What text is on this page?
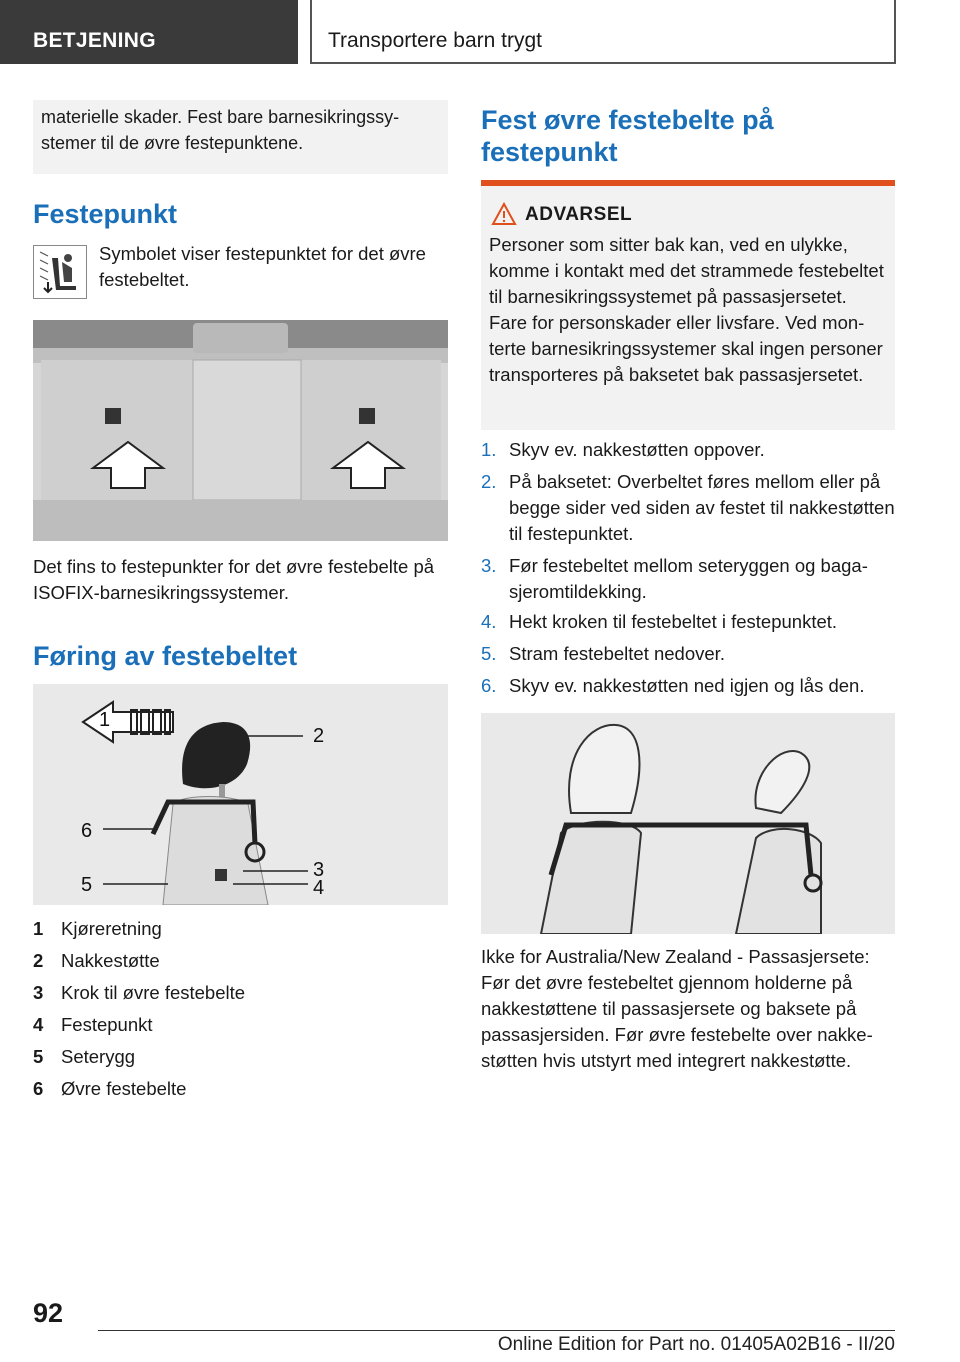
BETJENING	Transportere barn trygt
materielle skader. Fest bare barnesikringssystemer til de øvre festepunktene.
Festepunkt
Symbolet viser festepunktet for det øvre festebeltet.
Det fins to festepunkter for det øvre festebelte på ISOFIX-barnesikringssystemer.
Føring av festebeltet
1
2
3
4
5
6
1 Kjøreretning
2 Nakkestøtte
3 Krok til øvre festebelte
4 Festepunkt
5 Seterygg
6 Øvre festebelte
Fest øvre festebelte på festepunkt
ADVARSEL
Personer som sitter bak kan, ved en ulykke, komme i kontakt med det strammede festebeltet til barnesikringssystemet på passasjersetet. Fare for personskader eller livsfare. Ved monterte barnesikringssystemer skal ingen personer transporteres på baksetet bak passasjersetet.
1. Skyv ev. nakkestøtten oppover.
2. På baksetet: Overbeltet føres mellom eller på begge sider ved siden av festet til nakkestøtten til festepunktet.
3. Før festebeltet mellom seteryggen og bagasjeromtildekking.
4. Hekt kroken til festebeltet i festepunktet.
5. Stram festebeltet nedover.
6. Skyv ev. nakkestøtten ned igjen og lås den.
Ikke for Australia/New Zealand - Passasjersete: Før det øvre festebeltet gjennom holderne på nakkestøttene til passasjersete og baksete på passasjersiden. Før øvre festebelte over nakkestøtten hvis utstyrt med integrert nakkestøtte.
92
Online Edition for Part no. 01405A02B16 - II/20
